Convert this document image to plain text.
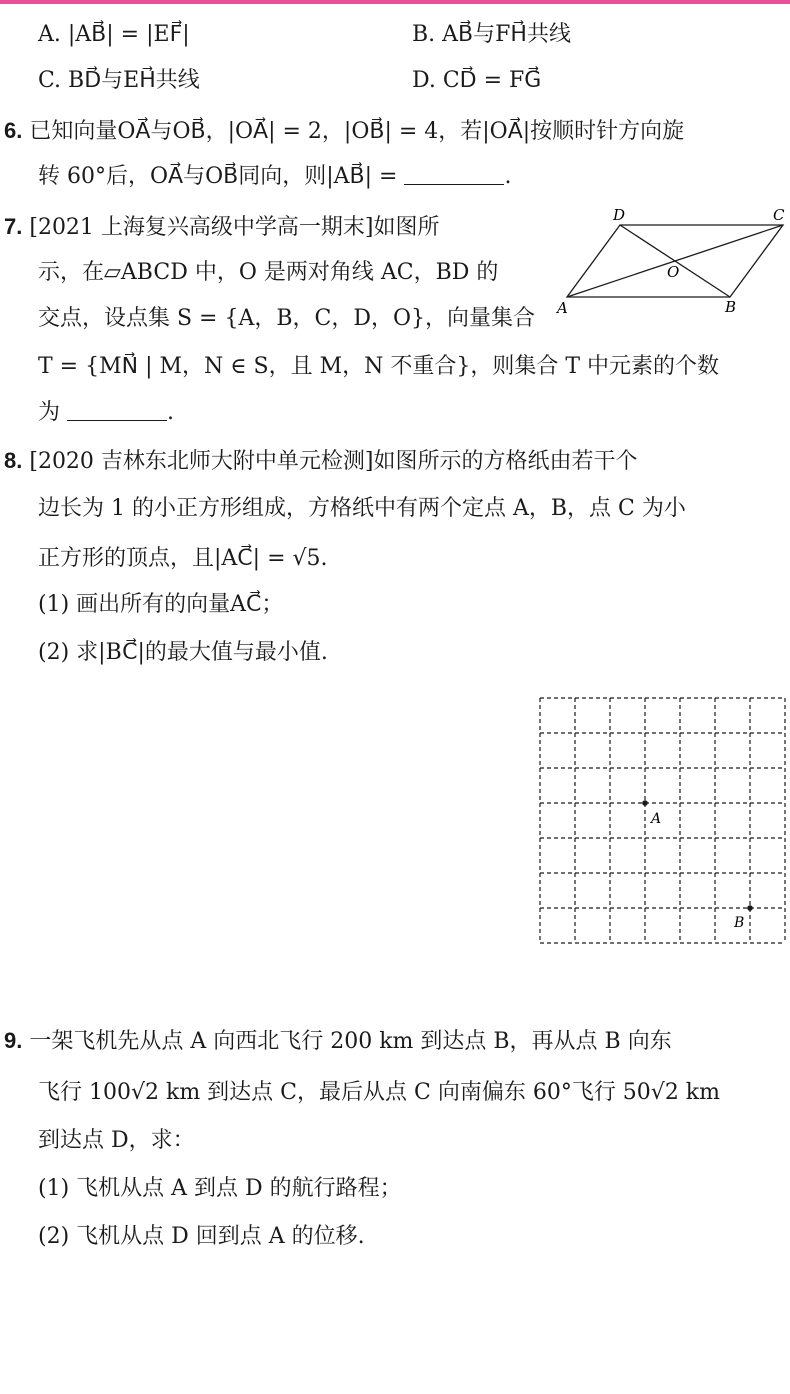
A. |AB⃗| = |EF⃗|	B. AB⃗与FH⃗共线
C. BD⃗与EH⃗共线	D. CD⃗ = FG⃗
6. 已知向量OA⃗与OB⃗，|OA⃗| = 2，|OB⃗| = 4，若|OA⃗|按顺时针方向旋
转 60°后，OA⃗与OB⃗同向，则|AB⃗| =	.
7. [2021 上海复兴高级中学高一期末]如图所
示，在▱ABCD 中，O 是两对角线 AC，BD 的
交点，设点集 S = {A，B，C，D，O}，向量集合
T = {MN⃗ | M，N ∈ S，且 M，N 不重合}，则集合 T 中元素的个数
为	.
A	B
C
D
O
8. [2020 吉林东北师大附中单元检测]如图所示的方格纸由若干个
边长为 1 的小正方形组成，方格纸中有两个定点 A，B，点 C 为小
正方形的顶点，且|AC⃗| = √5.
(1) 画出所有的向量AC⃗；
(2) 求|BC⃗|的最大值与最小值.
A
B
9. 一架飞机先从点 A 向西北飞行 200 km 到达点 B，再从点 B 向东
飞行 100√2 km 到达点 C，最后从点 C 向南偏东 60°飞行 50√2 km
到达点 D，求：
(1) 飞机从点 A 到点 D 的航行路程；
(2) 飞机从点 D 回到点 A 的位移.
